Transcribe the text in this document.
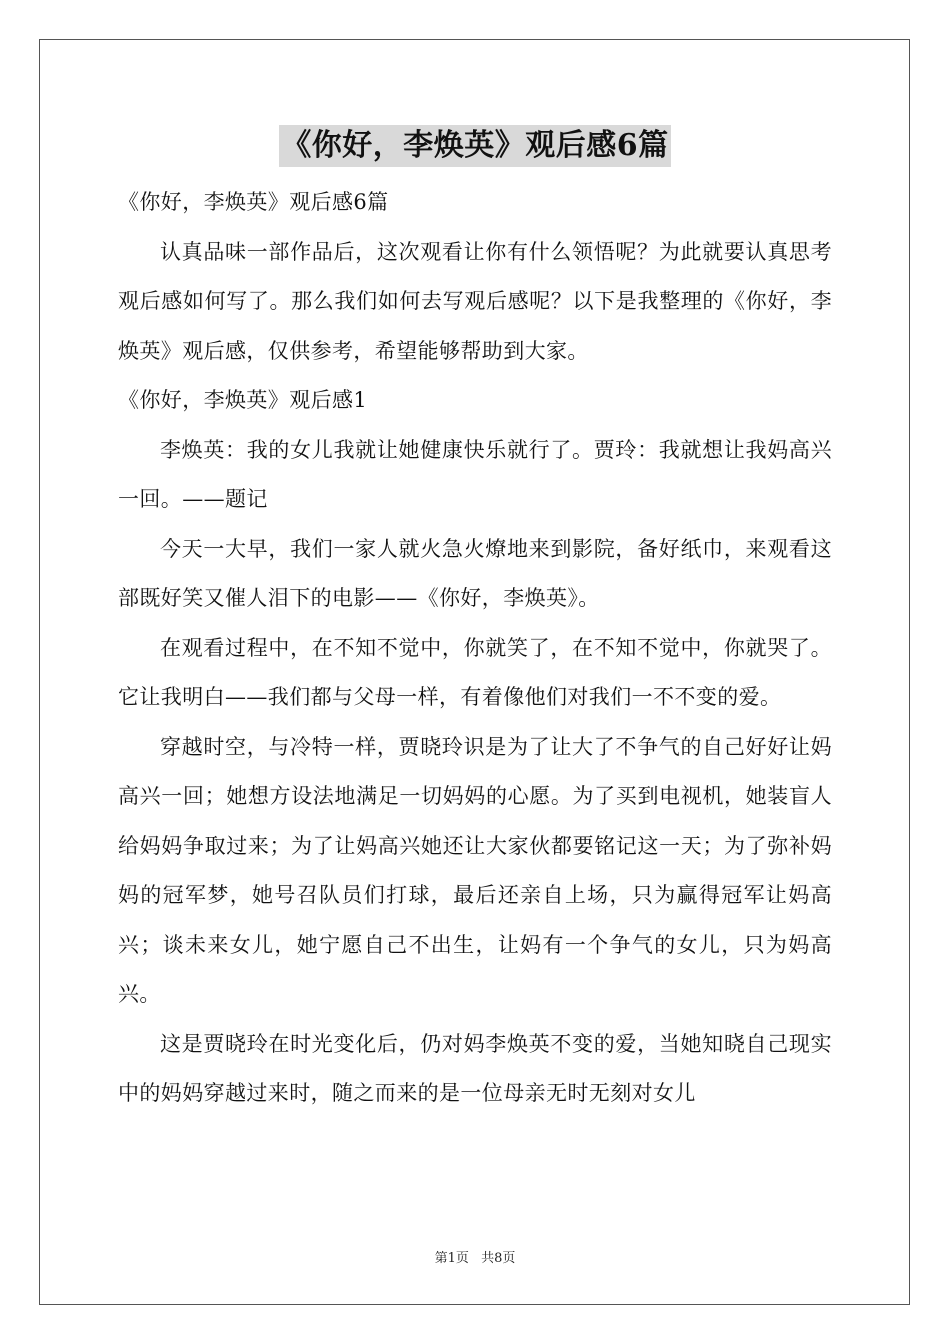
《你好，李焕英》观后感6篇

《你好，李焕英》观后感6篇

认真品味一部作品后，这次观看让你有什么领悟呢？为此就要认真思考观后感如何写了。那么我们如何去写观后感呢？以下是我整理的《你好，李焕英》观后感，仅供参考，希望能够帮助到大家。

《你好，李焕英》观后感1

李焕英：我的女儿我就让她健康快乐就行了。贾玲：我就想让我妈高兴一回。——题记

今天一大早，我们一家人就火急火燎地来到影院，备好纸巾，来观看这部既好笑又催人泪下的电影——《你好，李焕英》。

在观看过程中，在不知不觉中，你就笑了，在不知不觉中，你就哭了。它让我明白——我们都与父母一样，有着像他们对我们一不不变的爱。

穿越时空，与冷特一样，贾晓玲识是为了让大了不争气的自己好好让妈高兴一回；她想方设法地满足一切妈妈的心愿。为了买到电视机，她装盲人给妈妈争取过来；为了让妈高兴她还让大家伙都要铭记这一天；为了弥补妈妈的冠军梦，她号召队员们打球，最后还亲自上场，只为赢得冠军让妈高兴；谈未来女儿，她宁愿自己不出生，让妈有一个争气的女儿，只为妈高兴。

这是贾晓玲在时光变化后，仍对妈李焕英不变的爱，当她知晓自己现实中的妈妈穿越过来时，随之而来的是一位母亲无时无刻对女儿

第1页 共8页
